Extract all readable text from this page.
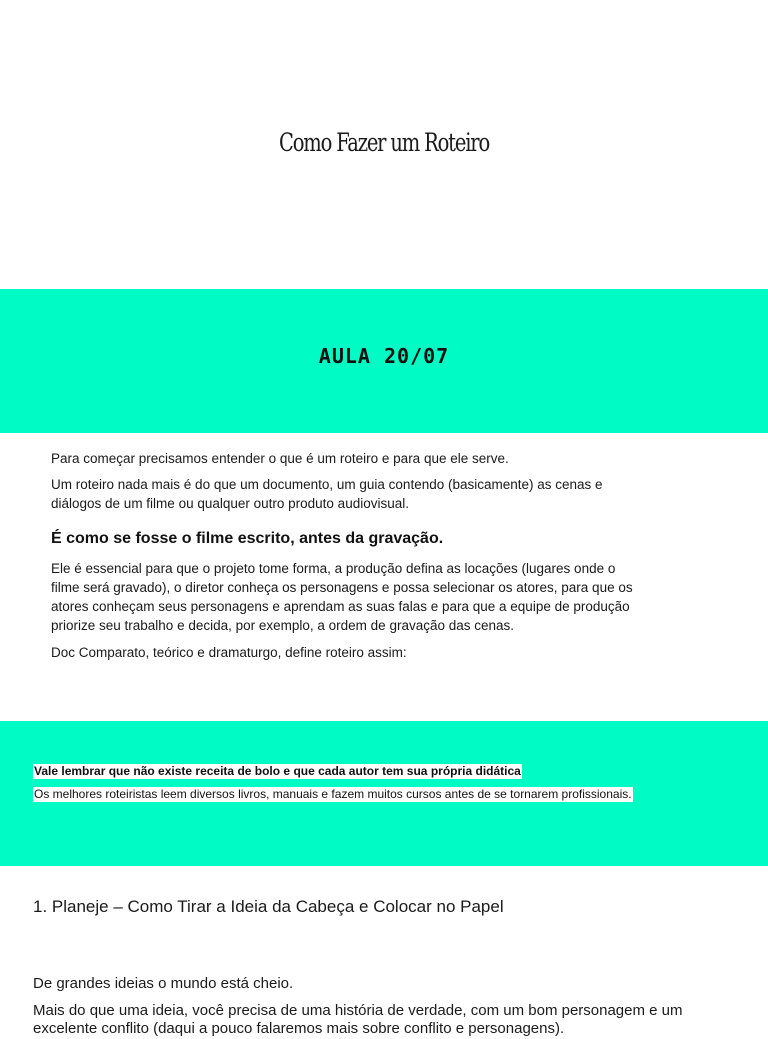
Como Fazer um Roteiro
AULA 20/07
Para começar precisamos entender o que é um roteiro e para que ele serve.
Um roteiro nada mais é do que um documento, um guia contendo (basicamente) as cenas e
diálogos de um filme ou qualquer outro produto audiovisual.
É como se fosse o filme escrito, antes da gravação.
Ele é essencial para que o projeto tome forma, a produção defina as locações (lugares onde o
filme será gravado), o diretor conheça os personagens e possa selecionar os atores, para que os
atores conheçam seus personagens e aprendam as suas falas e para que a equipe de produção
priorize seu trabalho e decida, por exemplo, a ordem de gravação das cenas.
Doc Comparato, teórico e dramaturgo, define roteiro assim:
Vale lembrar que não existe receita de bolo e que cada autor tem sua própria didática
Os melhores roteiristas leem diversos livros, manuais e fazem muitos cursos antes de se tornarem profissionais.
1. Planeje – Como Tirar a Ideia da Cabeça e Colocar no Papel
De grandes ideias o mundo está cheio.
Mais do que uma ideia, você precisa de uma história de verdade, com um bom personagem e um
excelente conflito (daqui a pouco falaremos mais sobre conflito e personagens).
